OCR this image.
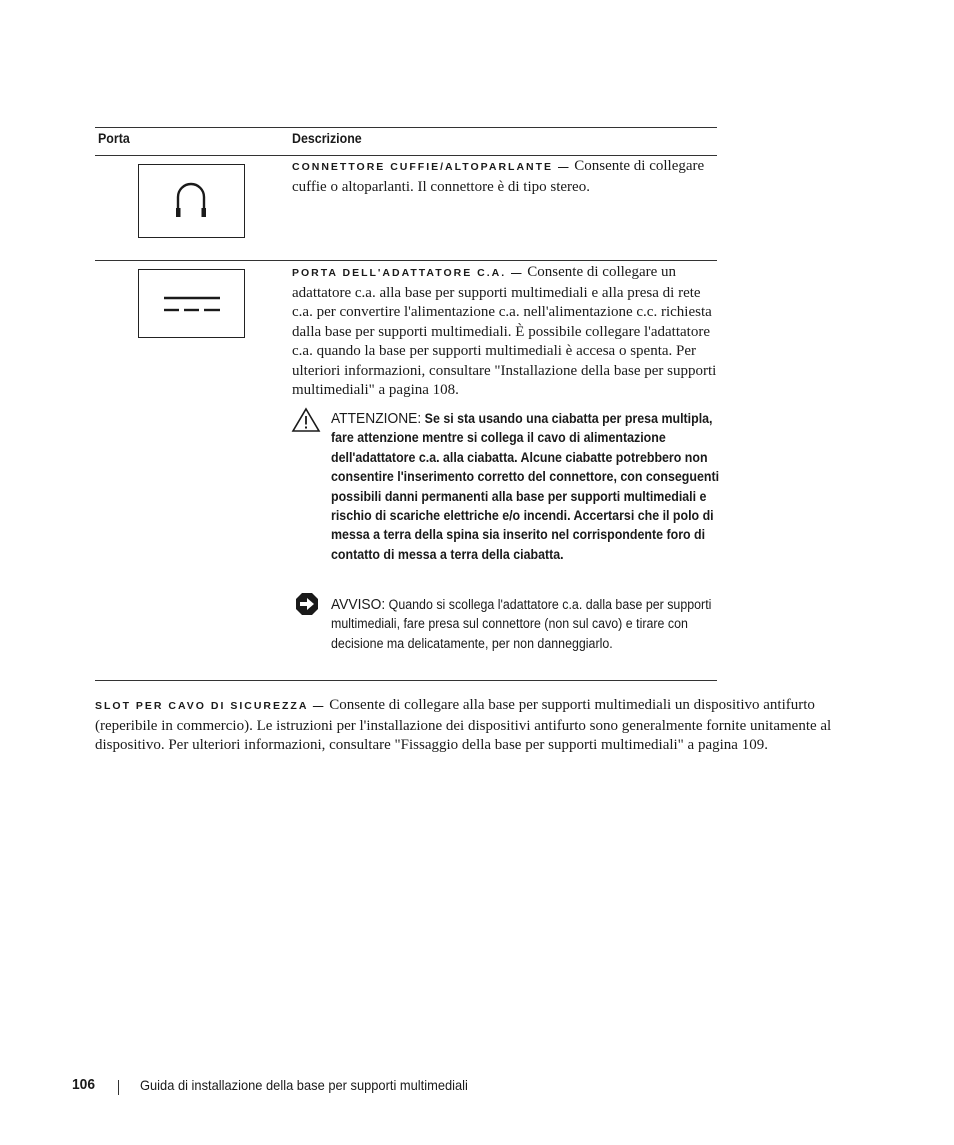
Porta	Descrizione
CONNETTORE CUFFIE/ALTOPARLANTE — Consente di collegare cuffie o altoparlanti. Il connettore è di tipo stereo.
PORTA DELL'ADATTATORE C.A. — Consente di collegare un adattatore c.a. alla base per supporti multimediali e alla presa di rete c.a. per convertire l'alimentazione c.a. nell'alimentazione c.c. richiesta dalla base per supporti multimediali. È possibile collegare l'adattatore c.a. quando la base per supporti multimediali è accesa o spenta. Per ulteriori informazioni, consultare "Installazione della base per supporti multimediali" a pagina 108.
ATTENZIONE: Se si sta usando una ciabatta per presa multipla, fare attenzione mentre si collega il cavo di alimentazione dell'adattatore c.a. alla ciabatta. Alcune ciabatte potrebbero non consentire l'inserimento corretto del connettore, con conseguenti possibili danni permanenti alla base per supporti multimediali e rischio di scariche elettriche e/o incendi. Accertarsi che il polo di messa a terra della spina sia inserito nel corrispondente foro di contatto di messa a terra della ciabatta.
AVVISO: Quando si scollega l'adattatore c.a. dalla base per supporti multimediali, fare presa sul connettore (non sul cavo) e tirare con decisione ma delicatamente, per non danneggiarlo.
SLOT PER CAVO DI SICUREZZA — Consente di collegare alla base per supporti multimediali un dispositivo antifurto (reperibile in commercio). Le istruzioni per l'installazione dei dispositivi antifurto sono generalmente fornite unitamente al dispositivo. Per ulteriori informazioni, consultare "Fissaggio della base per supporti multimediali" a pagina 109.
106	Guida di installazione della base per supporti multimediali
